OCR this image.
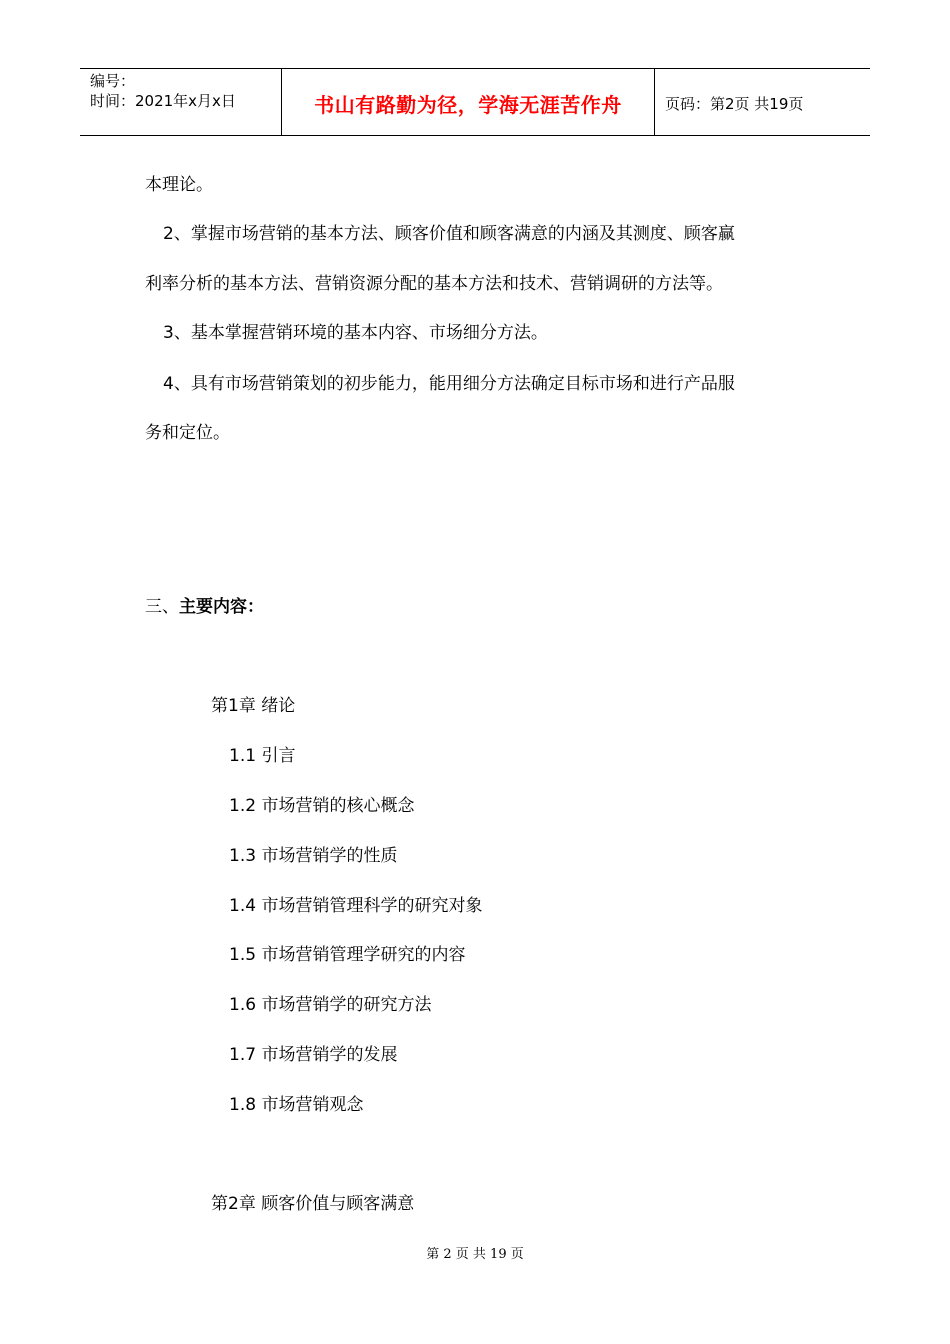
编号：
时间：2021年x月x日	书山有路勤为径，学海无涯苦作舟	页码：第2页 共19页
本理论。
2、掌握市场营销的基本方法、顾客价值和顾客满意的内涵及其测度、顾客赢
利率分析的基本方法、营销资源分配的基本方法和技术、营销调研的方法等。
3、基本掌握营销环境的基本内容、市场细分方法。
4、具有市场营销策划的初步能力，能用细分方法确定目标市场和进行产品服
务和定位。
三、主要内容：
第1章 绪论
1.1 引言
1.2 市场营销的核心概念
1.3 市场营销学的性质
1.4 市场营销管理科学的研究对象
1.5 市场营销管理学研究的内容
1.6 市场营销学的研究方法
1.7 市场营销学的发展
1.8 市场营销观念
第2章 顾客价值与顾客满意
第 2 页 共 19 页
